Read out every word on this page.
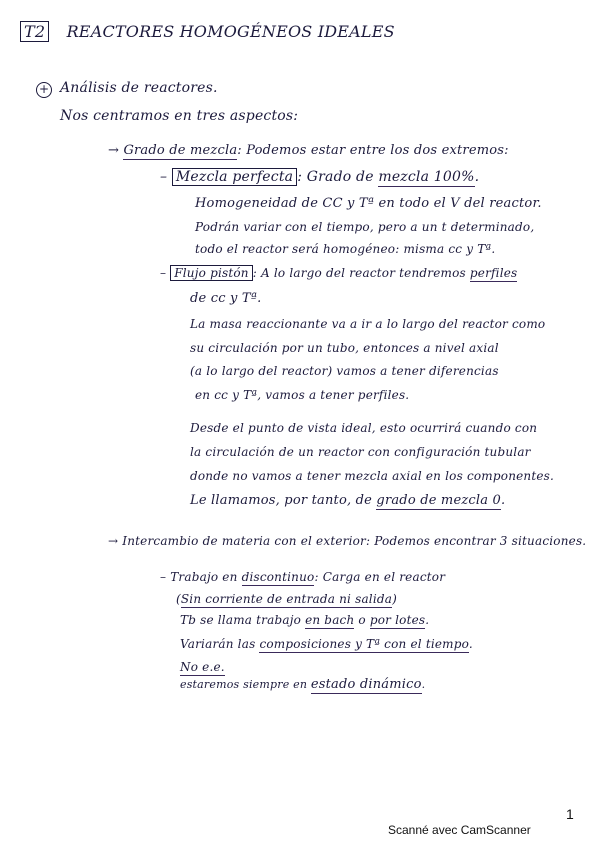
T2 REACTORES HOMOGÉNEOS IDEALES
+ Análisis de reactores.
Nos centramos en tres aspectos:
→ Grado de mezcla: Podemos estar entre los dos extremos:
– Mezcla perfecta : Grado de mezcla 100%.
Homogeneidad de CC y Tª en todo el V del reactor.
Podrán variar con el tiempo, pero a un t determinado,
todo el reactor será homogéneo: misma cc y Tª.
– Flujo pistón : A lo largo del reactor tendremos perfiles
de cc y Tª.
La masa reaccionante va a ir a lo largo del reactor como
su circulación por un tubo, entonces a nivel axial
(a lo largo del reactor) vamos a tener diferencias
en cc y Tª, vamos a tener perfiles.
Desde el punto de vista ideal, esto ocurrirá cuando con
la circulación de un reactor con configuración tubular
donde no vamos a tener mezcla axial en los componentes.
Le llamamos, por tanto, de grado de mezcla 0.
→ Intercambio de materia con el exterior: Podemos encontrar 3 situaciones.
– Trabajo en discontinuo: Carga en el reactor
(Sin corriente de entrada ni salida)
Tb se llama trabajo en bach o por lotes.
Variarán las composiciones y Tª con el tiempo.
No e.e.
estaremos siempre en estado dinámico.
1
Scanné avec CamScanner
